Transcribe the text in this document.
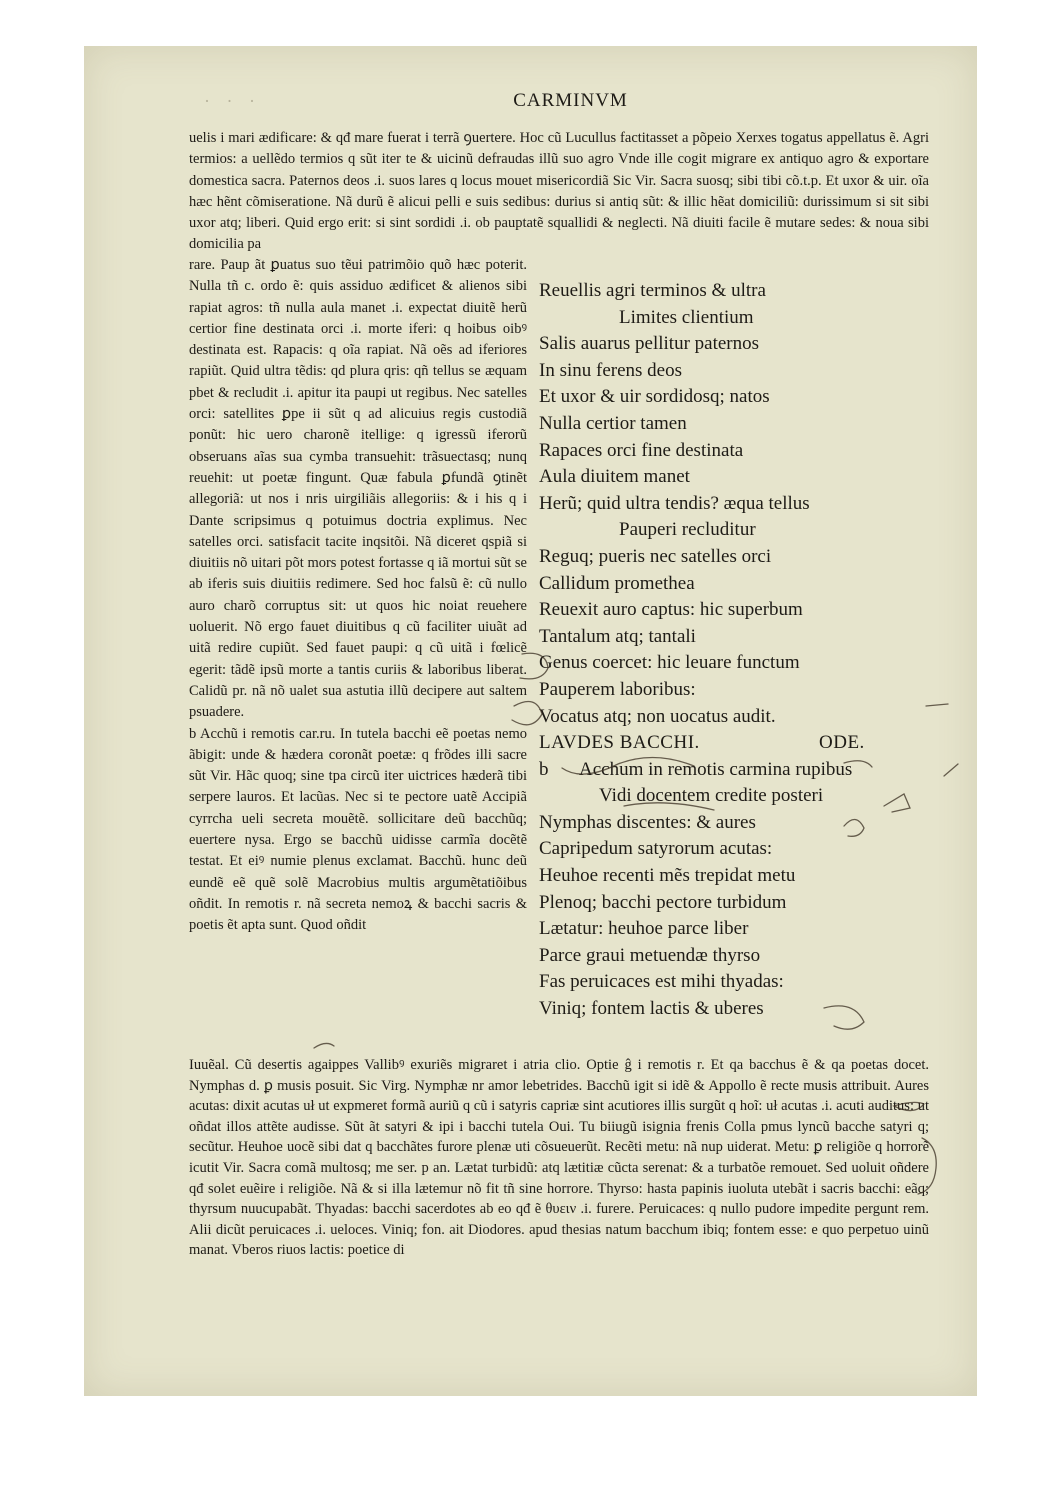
· · ·	CARMINVM

uelis i mari ædificare: & qđ mare fuerat i terrã ꝯuertere. Hoc cũ Lucullus factitasset a põpeio Xerxes togatus appellatus ẽ. Agri termios: a uellẽdo termios q sũt iter te & uicinũ defraudas illũ suo agro Vnde ille cogit migrare ex antiquo agro & exportare domestica sacra. Paternos deos .i. suos lares q locus mouet misericordiã Sic Vir. Sacra suosq; sibi tibi cõ.t.p. Et uxor & uir. oĩa hæc hẽnt cõmiseratione. Nã durũ ẽ alicui pelli e suis sedibus: durius si antiq sũt: & illic hẽat domiciliũ: durissimum si sit sibi uxor atq; liberi. Quid ergo erit: si sint sordidi .i. ob pauptatẽ squallidi & neglecti. Nã diuiti facile ẽ mutare sedes: & noua sibi domicilia pa

rare. Paup ãt ꝑuatus suo tẽui patrimõio quõ hæc poterit. Nulla tñ c. ordo ẽ: quis assiduo ædificet & alienos sibi rapiat agros: tñ nulla aula manet .i. expectat diuitẽ herũ certior fine destinata orci .i. morte iferi: q hoibus oibꝰ destinata est. Rapacis: q oĩa rapiat. Nã oẽs ad iferiores rapiũt. Quid ultra tẽdis: qd plura qris: qñ tellus se æquam pbet & recludit .i. apitur ita paupi ut regibus. Nec satelles orci: satellites ꝑpe ii sũt q ad alicuius regis custodiã ponũt: hic uero charonẽ itellige: q igressũ iferorũ obseruans aĩas sua cymba transuehit: trãsuectasq; nunq reuehit: ut poetæ fingunt. Quæ fabula ꝑfundã ꝯtinẽt allegoriã: ut nos i nris uirgiliãis allegoriis: & i his q i Dante scripsimus q potuimus doctria explimus. Nec satelles orci. satisfacit tacite inqsitõi. Nã diceret qspiã si diuitiis nõ uitari põt mors potest fortasse q iã mortui sũt se ab iferis suis diuitiis redimere. Sed hoc falsũ ẽ: cũ nullo auro charõ corruptus sit: ut quos hic noiat reuehere uoluerit. Nõ ergo fauet diuitibus q cũ faciliter uiuãt ad uitã redire cupiũt. Sed fauet paupi: q cũ uitã i fœlicẽ egerit: tãdẽ ipsũ morte a tantis curiis & laboribus liberat. Calidũ pr. nã nõ ualet sua astutia illũ decipere aut saltem psuadere.
b Acchũ i remotis car.ru. In tutela bacchi eẽ poetas nemo ãbigit: unde & hædera coronãt poetæ: q frõdes illi sacre sũt Vir. Hãc quoq; sine tpa circũ iter uictrices hæderã tibi serpere lauros. Et lacũas. Nec si te pectore uatẽ Accipiã cyrrcha ueli secreta mouẽtẽ. sollicitare deũ bacchũq; euertere nysa. Ergo se bacchũ uidisse carmĩa docẽtẽ testat. Et eiꝰ numie plenus exclamat. Bacchũ. hunc deũ eundẽ eẽ quẽ solẽ Macrobius multis argumẽtatiõibus oñdit. In remotis r. nã secreta nemoꝝ & bacchi sacris & poetis ẽt apta sunt. Quod oñdit

Reuellis agri terminos & ultra
Limites clientium
Salis auarus pellitur paternos
In sinu ferens deos
Et uxor & uir sordidosq; natos
Nulla certior tamen
Rapaces orci fine destinata
Aula diuitem manet
Herũ; quid ultra tendis? æqua tellus
Pauperi recluditur
Reguq; pueris nec satelles orci
Callidum promethea
Reuexit auro captus: hic superbum
Tantalum atq; tantali
Genus coercet: hic leuare functum
Pauperem laboribus:
Vocatus atq; non uocatus audit.
LAVDES BACCHI.	ODE.
b Acchum in remotis carmina rupibus
Vidi docentem credite posteri
Nymphas discentes: & aures
Capripedum satyrorum acutas:
Heuhoe recenti mẽs trepidat metu
Plenoq; bacchi pectore turbidum
Lætatur: heuhoe parce liber
Parce graui metuendæ thyrso
Fas peruicaces est mihi thyadas:
Viniq; fontem lactis & uberes

Iuuẽal. Cũ desertis agaippes Vallibꝰ exuriẽs migraret i atria clio. Optie ĝ i remotis r. Et qa bacchus ẽ & qa poetas docet. Nymphas d. ꝑ musis posuit. Sic Virg. Nymphæ nr amor lebetrides. Bacchũ igit si idẽ & Appollo ẽ recte musis attribuit. Aures acutas: dixit acutas uł ut expmeret formã auriũ q cũ i satyris capriæ sint acutiores illis surgũt q hoĩ: uł acutas .i. acuti auditus: ut oñdat illos attẽte audisse. Sũt ãt satyri & ipi i bacchi tutela Oui. Tu biiugũ isignia frenis Colla pmus lyncũ bacche satyri q; secũtur. Heuhoe uocẽ sibi dat q bacchãtes furore plenæ uti cõsueuerũt. Recẽti metu: nã nup uiderat. Metu: ꝑ religiõe q horrorẽ icutit Vir. Sacra comã multosq; me ser. p an. Lætat turbidũ: atq lætitiæ cũcta serenat: & a turbatõe remouet. Sed uoluit oñdere qđ solet euẽire i religiõe. Nã & si illa lætemur nõ fit tñ sine horrore. Thyrso: hasta papinis iuoluta utebãt i sacris bacchi: eãq; thyrsum nuucupabãt. Thyadas: bacchi sacerdotes ab eo qđ ẽ θυειν .i. furere. Peruicaces: q nullo pudore impedite pergunt rem. Alii dicũt peruicaces .i. ueloces. Viniq; fon. ait Diodores. apud thesias natum bacchum ibiq; fontem esse: e quo perpetuo uinũ manat. Vberos riuos lactis: poetice di
